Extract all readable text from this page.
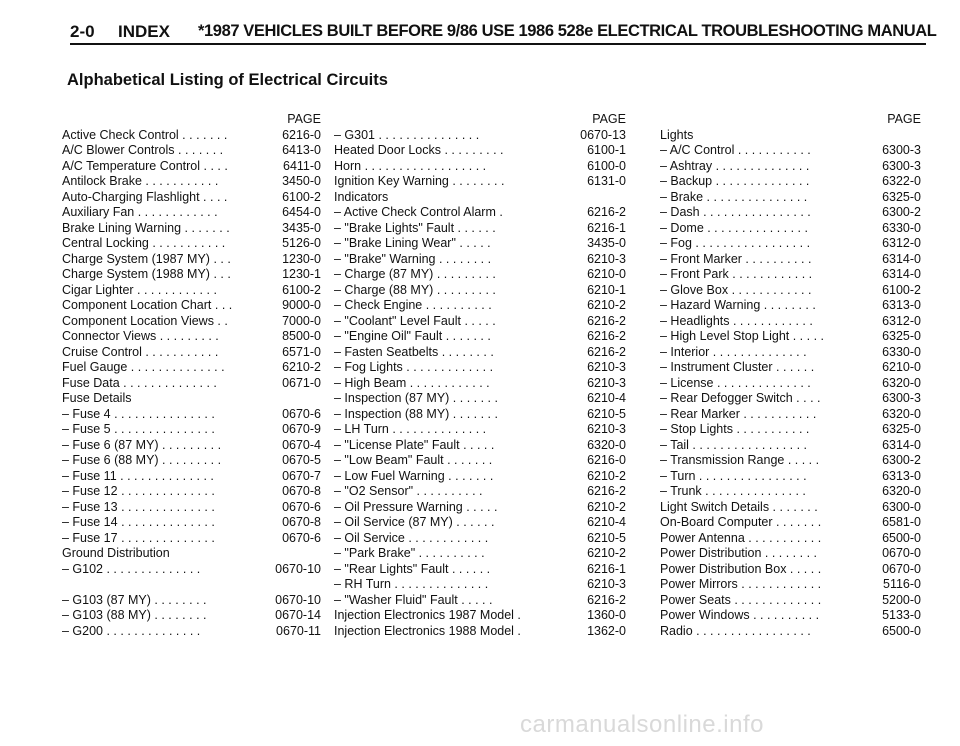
2-0 INDEX *1987 VEHICLES BUILT BEFORE 9/86 USE 1986 528e ELECTRICAL TROUBLESHOOTING MANUAL
Alphabetical Listing of Electrical Circuits
PAGE
Active Check Control . . . . . . .	6216-0
A/C Blower Controls . . . . . . .	6413-0
A/C Temperature Control . . . .	6411-0
Antilock Brake . . . . . . . . . . .	3450-0
Auto-Charging Flashlight . . . .	6100-2
Auxiliary Fan . . . . . . . . . . . .	6454-0
Brake Lining Warning . . . . . . .	3435-0
Central Locking . . . . . . . . . . .	5126-0
Charge System (1987 MY) . . .	1230-0
Charge System (1988 MY) . . .	1230-1
Cigar Lighter . . . . . . . . . . . .	6100-2
Component Location Chart . . .	9000-0
Component Location Views . .	7000-0
Connector Views . . . . . . . . .	8500-0
Cruise Control . . . . . . . . . . .	6571-0
Fuel Gauge . . . . . . . . . . . . . .	6210-2
Fuse Data . . . . . . . . . . . . . .	0671-0
Fuse Details
– Fuse 4 . . . . . . . . . . . . . . .	0670-6
– Fuse 5 . . . . . . . . . . . . . . .	0670-9
– Fuse 6 (87 MY) . . . . . . . . .	0670-4
– Fuse 6 (88 MY) . . . . . . . . .	0670-5
– Fuse 11 . . . . . . . . . . . . . .	0670-7
– Fuse 12 . . . . . . . . . . . . . .	0670-8
– Fuse 13 . . . . . . . . . . . . . .	0670-6
– Fuse 14 . . . . . . . . . . . . . .	0670-8
– Fuse 17 . . . . . . . . . . . . . .	0670-6
Ground Distribution
– G102 . . . . . . . . . . . . . .	0670-10
– G103 (87 MY) . . . . . . . .	0670-10
– G103 (88 MY) . . . . . . . .	0670-14
– G200 . . . . . . . . . . . . . .	0670-11
PAGE
– G301 . . . . . . . . . . . . . . .	0670-13
Heated Door Locks . . . . . . . . .	6100-1
Horn . . . . . . . . . . . . . . . . . .	6100-0
Ignition Key Warning . . . . . . . .	6131-0
Indicators
– Active Check Control Alarm .	6216-2
– "Brake Lights" Fault . . . . . .	6216-1
– "Brake Lining Wear" . . . . .	3435-0
– "Brake" Warning . . . . . . . .	6210-3
– Charge (87 MY) . . . . . . . . .	6210-0
– Charge (88 MY) . . . . . . . . .	6210-1
– Check Engine . . . . . . . . . .	6210-2
– "Coolant" Level Fault . . . . .	6216-2
– "Engine Oil" Fault . . . . . . .	6216-2
– Fasten Seatbelts . . . . . . . .	6216-2
– Fog Lights . . . . . . . . . . . . .	6210-3
– High Beam . . . . . . . . . . . .	6210-3
– Inspection (87 MY) . . . . . . .	6210-4
– Inspection (88 MY) . . . . . . .	6210-5
– LH Turn . . . . . . . . . . . . . .	6210-3
– "License Plate" Fault . . . . .	6320-0
– "Low Beam" Fault . . . . . . .	6216-0
– Low Fuel Warning . . . . . . .	6210-2
– "O2 Sensor" . . . . . . . . . .	6216-2
– Oil Pressure Warning . . . . .	6210-2
– Oil Service (87 MY) . . . . . .	6210-4
– Oil Service . . . . . . . . . . . .	6210-5
– "Park Brake" . . . . . . . . . .	6210-2
– "Rear Lights" Fault . . . . . .	6216-1
– RH Turn . . . . . . . . . . . . . .	6210-3
– "Washer Fluid" Fault . . . . .	6216-2
Injection Electronics 1987 Model .	1360-0
Injection Electronics 1988 Model .	1362-0
PAGE
Lights
– A/C Control . . . . . . . . . . .	6300-3
– Ashtray . . . . . . . . . . . . . .	6300-3
– Backup . . . . . . . . . . . . . .	6322-0
– Brake . . . . . . . . . . . . . . .	6325-0
– Dash . . . . . . . . . . . . . . . .	6300-2
– Dome . . . . . . . . . . . . . . .	6330-0
– Fog . . . . . . . . . . . . . . . . .	6312-0
– Front Marker . . . . . . . . . .	6314-0
– Front Park . . . . . . . . . . . .	6314-0
– Glove Box . . . . . . . . . . . .	6100-2
– Hazard Warning . . . . . . . .	6313-0
– Headlights . . . . . . . . . . . .	6312-0
– High Level Stop Light . . . . .	6325-0
– Interior . . . . . . . . . . . . . .	6330-0
– Instrument Cluster . . . . . .	6210-0
– License . . . . . . . . . . . . . .	6320-0
– Rear Defogger Switch . . . .	6300-3
– Rear Marker . . . . . . . . . . .	6320-0
– Stop Lights . . . . . . . . . . .	6325-0
– Tail . . . . . . . . . . . . . . . . .	6314-0
– Transmission Range . . . . .	6300-2
– Turn . . . . . . . . . . . . . . . .	6313-0
– Trunk . . . . . . . . . . . . . . .	6320-0
Light Switch Details . . . . . . .	6300-0
On-Board Computer . . . . . . .	6581-0
Power Antenna . . . . . . . . . . .	6500-0
Power Distribution . . . . . . . .	0670-0
Power Distribution Box . . . . .	0670-0
Power Mirrors . . . . . . . . . . . .	5116-0
Power Seats . . . . . . . . . . . . .	5200-0
Power Windows . . . . . . . . . .	5133-0
Radio . . . . . . . . . . . . . . . . .	6500-0
carmanualsonline.info
